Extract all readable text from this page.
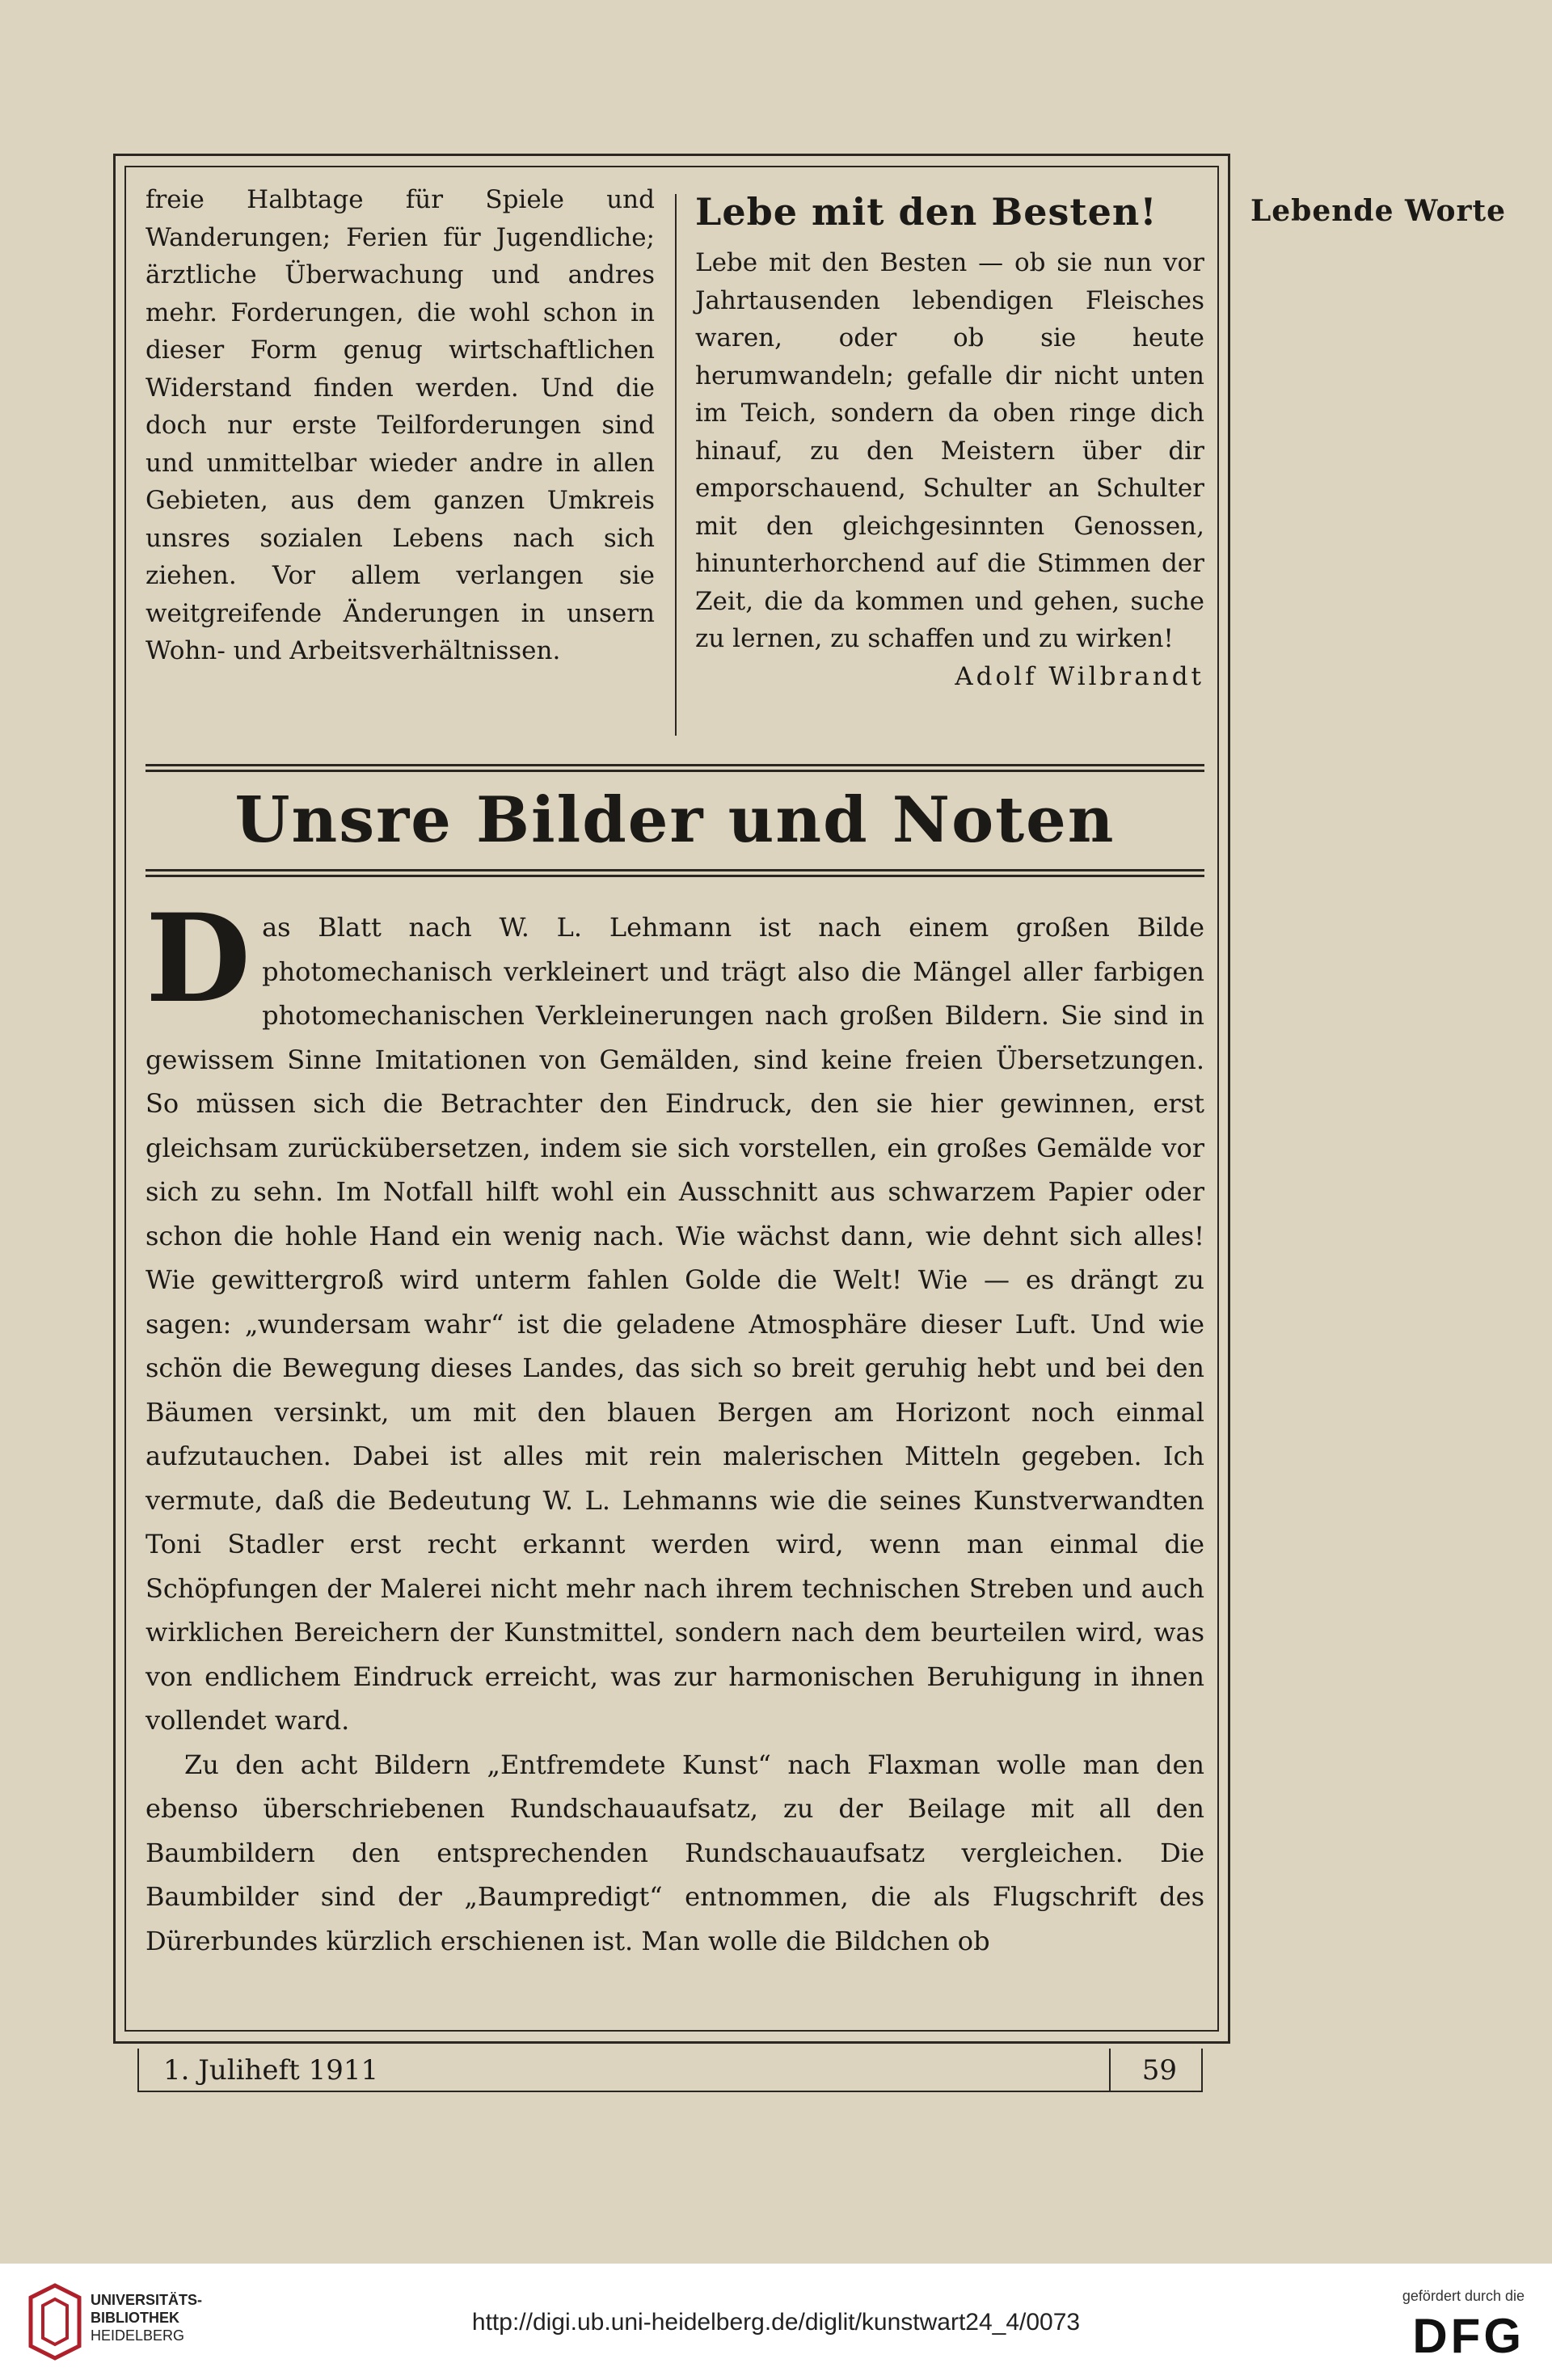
Lebende Worte

freie Halbtage für Spiele und Wanderungen; Ferien für Jugendliche; ärztliche Überwachung und andres mehr. Forderungen, die wohl schon in dieser Form genug wirtschaftlichen Widerstand finden werden. Und die doch nur erste Teilforderungen sind und unmittelbar wieder andre in allen Gebieten, aus dem ganzen Umkreis unsres sozialen Lebens nach sich ziehen. Vor allem verlangen sie weitgreifende Änderungen in unsern Wohn- und Arbeitsverhältnissen.

Lebe mit den Besten!

Lebe mit den Besten — ob sie nun vor Jahrtausenden lebendigen Fleisches waren, oder ob sie heute herumwandeln; gefalle dir nicht unten im Teich, sondern da oben ringe dich hinauf, zu den Meistern über dir emporschauend, Schulter an Schulter mit den gleichgesinnten Genossen, hinunterhorchend auf die Stimmen der Zeit, die da kommen und gehen, suche zu lernen, zu schaffen und zu wirken!

Adolf Wilbrandt

Unsre Bilder und Noten

Das Blatt nach W. L. Lehmann ist nach einem großen Bilde photomechanisch verkleinert und trägt also die Mängel aller farbigen photomechanischen Verkleinerungen nach großen Bildern. Sie sind in gewissem Sinne Imitationen von Gemälden, sind keine freien Übersetzungen. So müssen sich die Betrachter den Eindruck, den sie hier gewinnen, erst gleichsam zurückübersetzen, indem sie sich vorstellen, ein großes Gemälde vor sich zu sehn. Im Notfall hilft wohl ein Ausschnitt aus schwarzem Papier oder schon die hohle Hand ein wenig nach. Wie wächst dann, wie dehnt sich alles! Wie gewittergroß wird unterm fahlen Golde die Welt! Wie — es drängt zu sagen: „wundersam wahr“ ist die geladene Atmosphäre dieser Luft. Und wie schön die Bewegung dieses Landes, das sich so breit geruhig hebt und bei den Bäumen versinkt, um mit den blauen Bergen am Horizont noch einmal aufzutauchen. Dabei ist alles mit rein malerischen Mitteln gegeben. Ich vermute, daß die Bedeutung W. L. Lehmanns wie die seines Kunstverwandten Toni Stadler erst recht erkannt werden wird, wenn man einmal die Schöpfungen der Malerei nicht mehr nach ihrem technischen Streben und auch wirklichen Bereichern der Kunstmittel, sondern nach dem beurteilen wird, was von endlichem Eindruck erreicht, was zur harmonischen Beruhigung in ihnen vollendet ward.

Zu den acht Bildern „Entfremdete Kunst“ nach Flaxman wolle man den ebenso überschriebenen Rundschauaufsatz, zu der Beilage mit all den Baumbildern den entsprechenden Rundschauaufsatz vergleichen. Die Baumbilder sind der „Baumpredigt“ entnommen, die als Flugschrift des Dürerbundes kürzlich erschienen ist. Man wolle die Bildchen ob

1. Juliheft 1911	59
UNIVERSITÄTS-
BIBLIOTHEK
HEIDELBERG	http://digi.ub.uni-heidelberg.de/diglit/kunstwart24_4/0073
gefördert durch die
DFG
